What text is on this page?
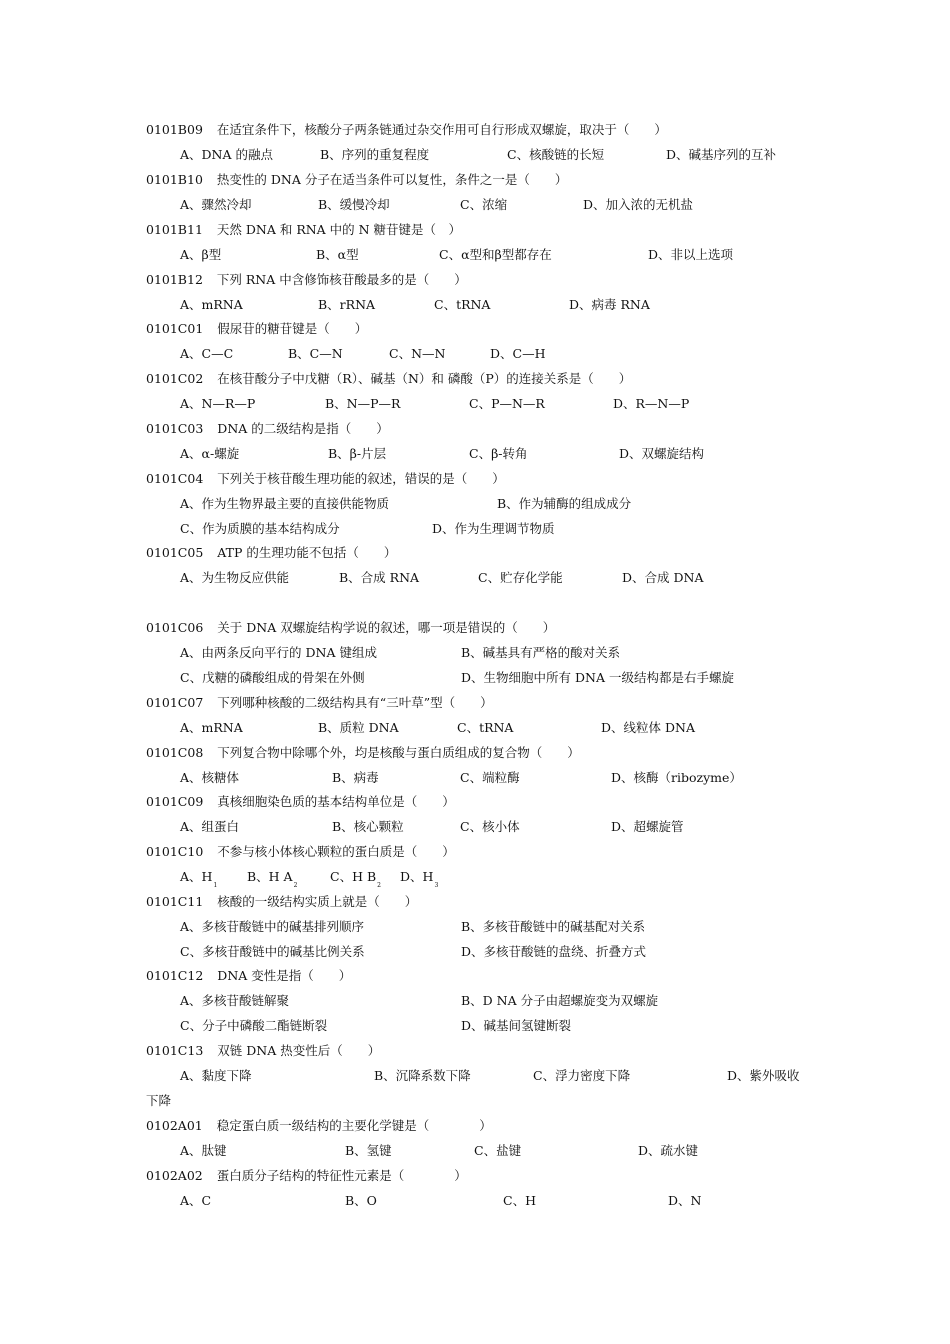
0101B09 在适宜条件下，核酸分子两条链通过杂交作用可自行形成双螺旋，取决于（　　）
A、DNA 的融点	B、序列的重复程度	C、核酸链的长短	D、碱基序列的互补
0101B10 热变性的 DNA 分子在适当条件可以复性，条件之一是（　　）
A、骤然冷却	B、缓慢冷却	C、浓缩	D、加入浓的无机盐
0101B11 天然 DNA 和 RNA 中的 N 糖苷键是（　）
A、β型	B、α型	C、α型和β型都存在	D、非以上选项
0101B12 下列 RNA 中含修饰核苷酸最多的是（　　）
A、mRNA	B、rRNA	C、tRNA	D、病毒 RNA
0101C01 假尿苷的糖苷键是（　　）
A、C—C	B、C—N	C、N—N	D、C—H
0101C02 在核苷酸分子中戊糖（R）、碱基（N）和 磷酸（P）的连接关系是（　　）
A、N—R—P	B、N—P—R	C、P—N—R	D、R—N—P
0101C03 DNA 的二级结构是指（　　）
A、α-螺旋	B、β-片层	C、β-转角	D、双螺旋结构
0101C04 下列关于核苷酸生理功能的叙述，错误的是（　　）
A、作为生物界最主要的直接供能物质	B、作为辅酶的组成成分
C、作为质膜的基本结构成分	D、作为生理调节物质
0101C05 ATP 的生理功能不包括（　　）
A、为生物反应供能	B、合成 RNA	C、贮存化学能	D、合成 DNA
0101C06 关于 DNA 双螺旋结构学说的叙述，哪一项是错误的（　　）
A、由两条反向平行的 DNA 键组成	B、碱基具有严格的酸对关系
C、戊糖的磷酸组成的骨架在外侧	D、生物细胞中所有 DNA 一级结构都是右手螺旋
0101C07 下列哪种核酸的二级结构具有“三叶草”型（　　）
A、mRNA	B、质粒 DNA	C、tRNA	D、线粒体 DNA
0101C08 下列复合物中除哪个外，均是核酸与蛋白质组成的复合物（　　）
A、核糖体	B、病毒	C、端粒酶	D、核酶（ribozyme）
0101C09 真核细胞染色质的基本结构单位是（　　）
A、组蛋白	B、核心颗粒	C、核小体	D、超螺旋管
0101C10 不参与核小体核心颗粒的蛋白质是（　　）
A、$H_1$
B、H $A_2$
C、H $B_2$
D、$H_3$
0101C11 核酸的一级结构实质上就是（　　）
A、多核苷酸链中的碱基排列顺序	B、多核苷酸链中的碱基配对关系
C、多核苷酸链中的碱基比例关系	D、多核苷酸链的盘绕、折叠方式
0101C12 DNA 变性是指（　　）
A、多核苷酸链解聚	B、D NA 分子由超螺旋变为双螺旋
C、分子中磷酸二酯链断裂	D、碱基间氢键断裂
0101C13 双链 DNA 热变性后（　　）
A、黏度下降	B、沉降系数下降	C、浮力密度下降	D、紫外吸收
下降
0102A01 稳定蛋白质一级结构的主要化学键是（　　　　）
A、肽键	B、氢键	C、盐键	D、疏水键
0102A02 蛋白质分子结构的特征性元素是（　　　　）
A、C	B、O	C、H	D、N
